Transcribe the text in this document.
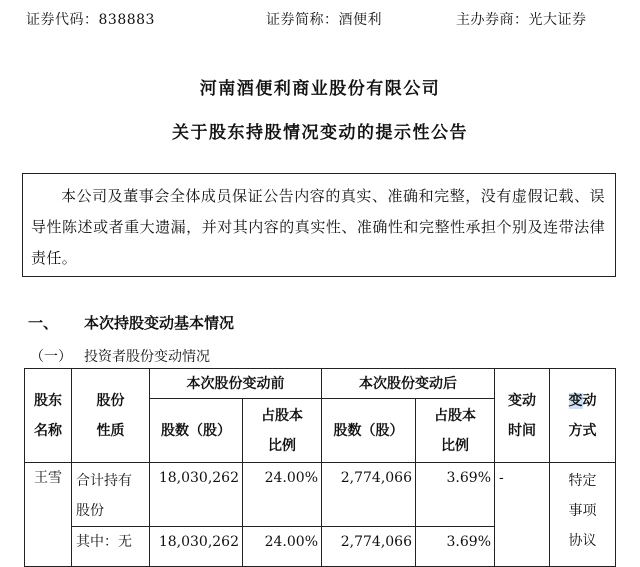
证券代码：838883	证券简称：酒便利	主办券商：光大证券
河南酒便利商业股份有限公司
关于股东持股情况变动的提示性公告

本公司及董事会全体成员保证公告内容的真实、准确和完整，没有虚假记载、误导性陈述或者重大遗漏，并对其内容的真实性、准确性和完整性承担个别及连带法律责任。

一、 本次持股变动基本情况
（一） 投资者股份变动情况
股东名称	股份性质	本次股份变动前		本次股份变动后		变动时间	变动方式

		股数（股）	占股本比例	股数（股）	占股本比例		

王雪	合计持有股份	18,030,262	24.00%	2,774,066	3.69%	-	特定事项协议

	其中：无	18,030,262	24.00%	2,774,066	3.69%		
